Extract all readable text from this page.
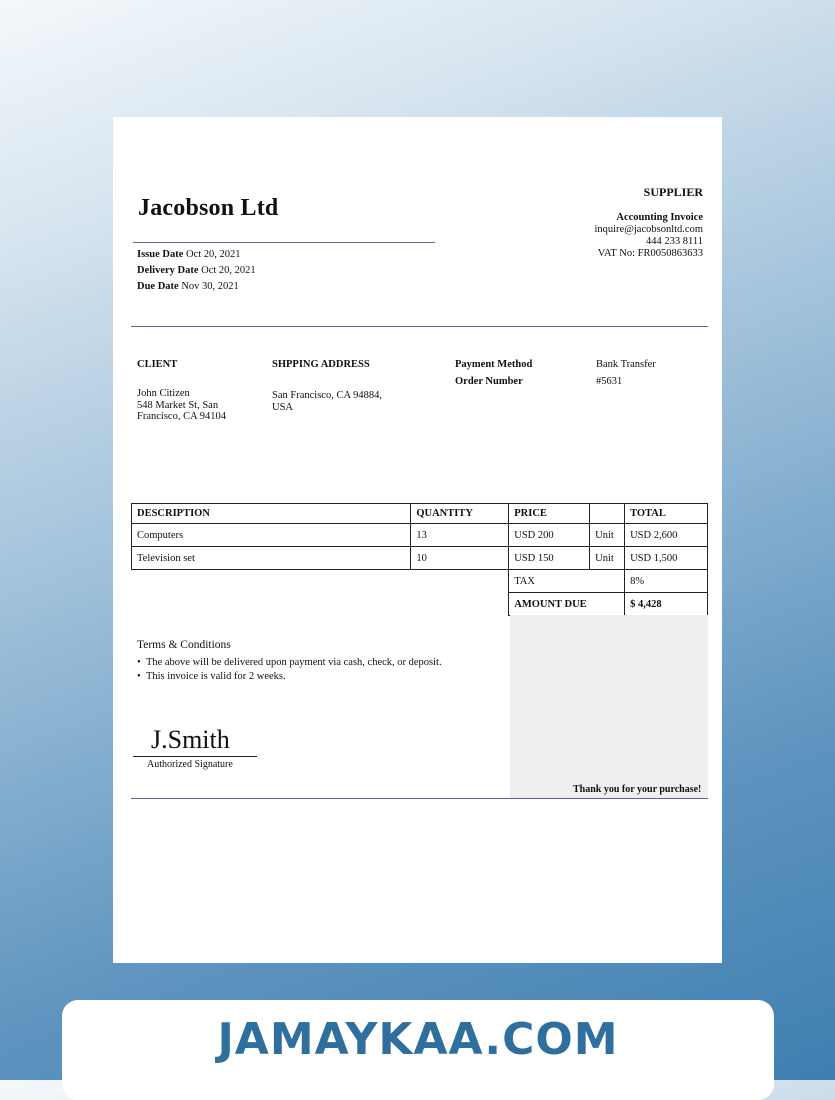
Jacobson Ltd
SUPPLIER
Accounting Invoice
inquire@jacobsonltd.com
444 233 8111
VAT No: FR0050863633
Issue Date Oct 20, 2021
Delivery Date Oct 20, 2021
Due Date Nov 30, 2021
CLIENT
John Citizen
548 Market St, San
Francisco, CA 94104
SHPPING ADDRESS
San Francisco, CA 94884,
USA
Payment Method	Bank Transfer
Order Number	#5631
DESCRIPTION	QUANTITY	PRICE		TOTAL
Computers	13	USD 200	Unit	USD 2,600
Television set	10	USD 150	Unit	USD 1,500
		TAX		8%
		AMOUNT DUE		$ 4,428
Terms & Conditions
•  The above will be delivered upon payment via cash, check, or deposit.
•  This invoice is valid for 2 weeks.
J.Smith
Authorized Signature
Thank you for your purchase!
JAMAYKAA.COM
